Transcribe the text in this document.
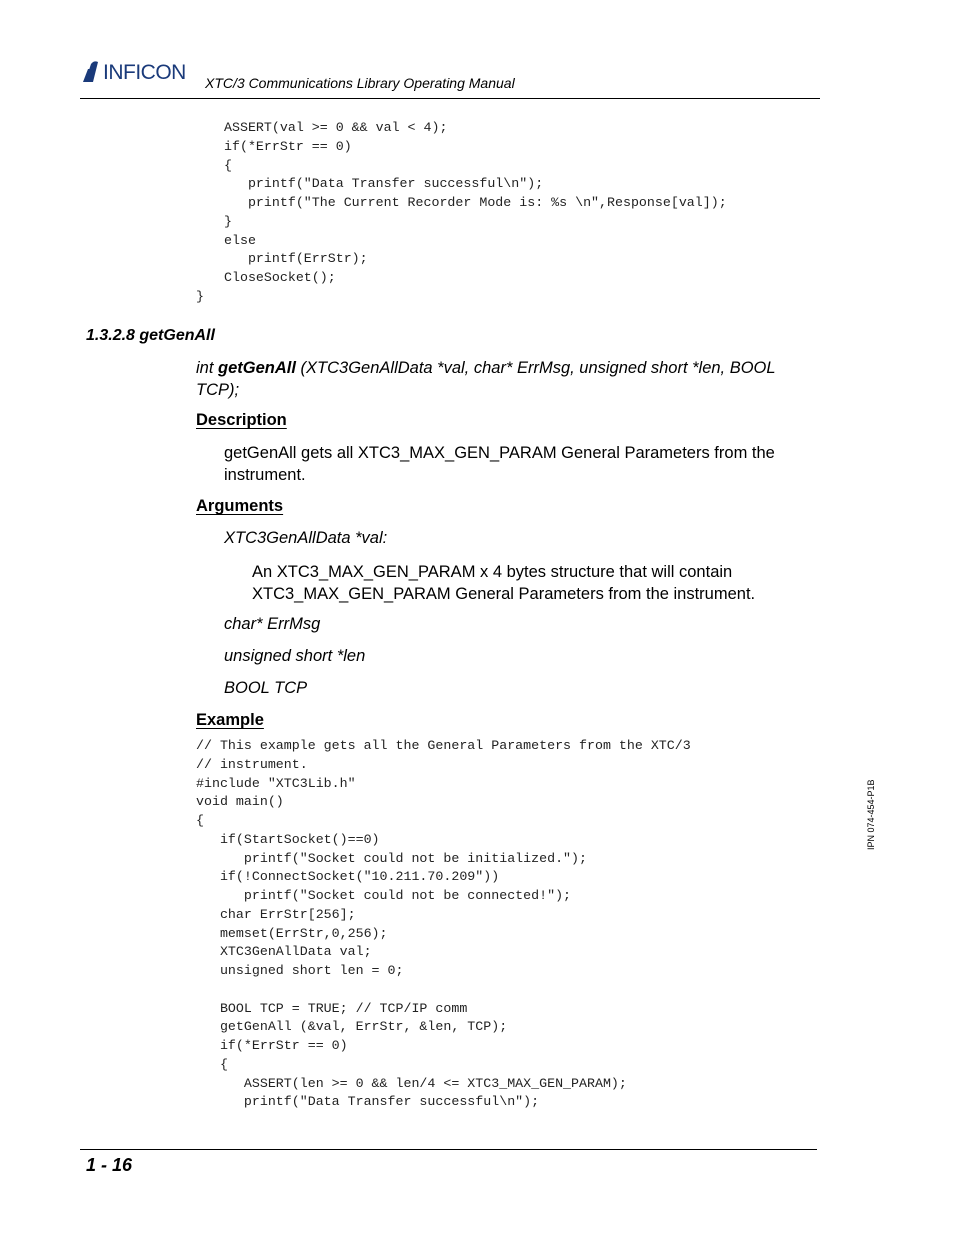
INFICON XTC/3 Communications Library Operating Manual
ASSERT(val >= 0 && val < 4);
if(*ErrStr == 0)
{
printf("Data Transfer successful\n");
printf("The Current Recorder Mode is: %s \n",Response[val]);
}
else
printf(ErrStr);
CloseSocket();
}
1.3.2.8 getGenAll
int getGenAll (XTC3GenAllData *val, char* ErrMsg, unsigned short *len, BOOL TCP);
Description
getGenAll gets all XTC3_MAX_GEN_PARAM General Parameters from the instrument.
Arguments
XTC3GenAllData *val:
An XTC3_MAX_GEN_PARAM x 4 bytes structure that will contain XTC3_MAX_GEN_PARAM General Parameters from the instrument.
char* ErrMsg
unsigned short *len
BOOL TCP
Example
// This example gets all the General Parameters from the XTC/3
// instrument.
#include "XTC3Lib.h"
void main()
{
if(StartSocket()==0)
printf("Socket could not be initialized.");
if(!ConnectSocket("10.211.70.209"))
printf("Socket could not be connected!");
char ErrStr[256];
memset(ErrStr,0,256);
XTC3GenAllData val;
unsigned short len = 0;

BOOL TCP = TRUE; // TCP/IP comm
getGenAll (&val, ErrStr, &len, TCP);
if(*ErrStr == 0)
{
ASSERT(len >= 0 && len/4 <= XTC3_MAX_GEN_PARAM);
printf("Data Transfer successful\n");
IPN 074-454-P1B
1 - 16
